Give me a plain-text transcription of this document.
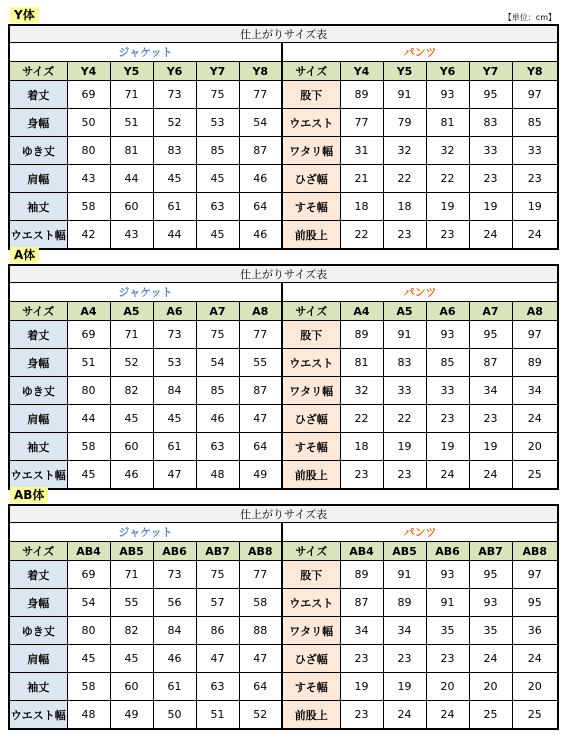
【単位：cm】
Y体
仕上がりサイズ表											
ジャケット						パンツ					
サイズ	Y4	Y5	Y6	Y7	Y8	サイズ	Y4	Y5	Y6	Y7	Y8
着丈	69	71	73	75	77	股下	89	91	93	95	97
身幅	50	51	52	53	54	ウエスト	77	79	81	83	85
ゆき丈	80	81	83	85	87	ワタリ幅	31	32	32	33	33
肩幅	43	44	45	45	46	ひざ幅	21	22	22	23	23
袖丈	58	60	61	63	64	すそ幅	18	18	19	19	19
ウエスト幅	42	43	44	45	46	前股上	22	23	23	24	24
A体
仕上がりサイズ表											
ジャケット						パンツ					
サイズ	A4	A5	A6	A7	A8	サイズ	A4	A5	A6	A7	A8
着丈	69	71	73	75	77	股下	89	91	93	95	97
身幅	51	52	53	54	55	ウエスト	81	83	85	87	89
ゆき丈	80	82	84	85	87	ワタリ幅	32	33	33	34	34
肩幅	44	45	45	46	47	ひざ幅	22	22	23	23	24
袖丈	58	60	61	63	64	すそ幅	18	19	19	19	20
ウエスト幅	45	46	47	48	49	前股上	23	23	24	24	25
AB体
仕上がりサイズ表											
ジャケット						パンツ					
サイズ	AB4	AB5	AB6	AB7	AB8	サイズ	AB4	AB5	AB6	AB7	AB8
着丈	69	71	73	75	77	股下	89	91	93	95	97
身幅	54	55	56	57	58	ウエスト	87	89	91	93	95
ゆき丈	80	82	84	86	88	ワタリ幅	34	34	35	35	36
肩幅	45	45	46	47	47	ひざ幅	23	23	23	24	24
袖丈	58	60	61	63	64	すそ幅	19	19	20	20	20
ウエスト幅	48	49	50	51	52	前股上	23	24	24	25	25
